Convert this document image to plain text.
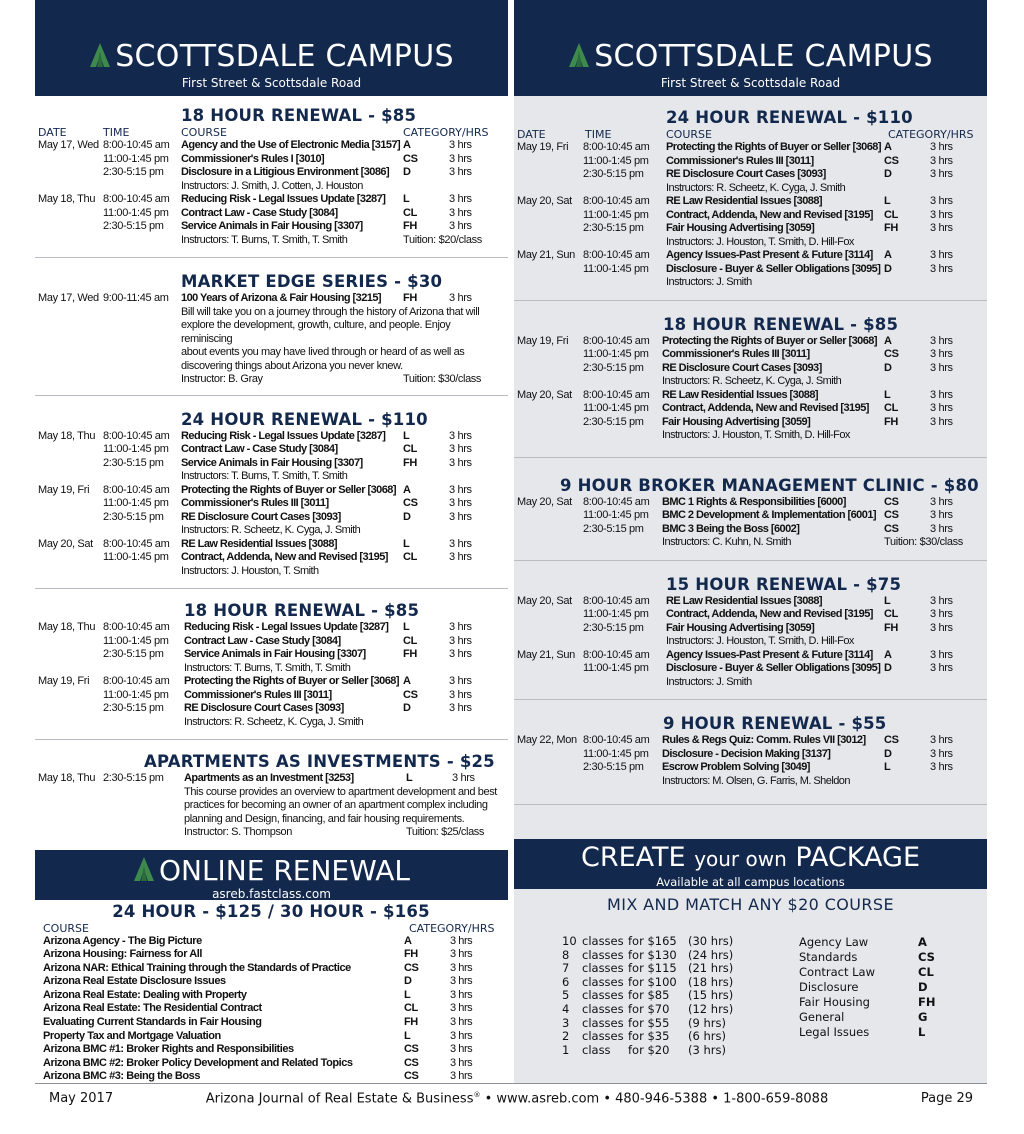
SCOTTSDALE CAMPUS
First Street & Scottsdale Road
18 HOUR RENEWAL - $85
DATE	TIME	COURSE	CATEGORY/HRS
May 17, Wed 8:00-10:45 am	Agency and the Use of Electronic Media [3157] A	3 hrs
11:00-1:45 pm	Commissioner's Rules I [3010]	CS	3 hrs
2:30-5:15 pm	Disclosure in a Litigious Environment [3086]	D	3 hrs
Instructors: J. Smith, J. Cotten, J. Houston
May 18, Thu 8:00-10:45 am	Reducing Risk - Legal Issues Update [3287]	L	3 hrs
11:00-1:45 pm	Contract Law - Case Study [3084]	CL	3 hrs
2:30-5:15 pm	Service Animals in Fair Housing [3307]	FH	3 hrs
Instructors: T. Burns, T. Smith, T. Smith	Tuition: $20/class
MARKET EDGE SERIES - $30
May 17, Wed 9:00-11:45 am	100 Years of Arizona & Fair Housing [3215]	FH	3 hrs
Bill will take you on a journey through the history of Arizona that will
explore the development, growth, culture, and people. Enjoy reminiscing
about events you may have lived through or heard of as well as
discovering things about Arizona you never knew.
Instructor: B. Gray	Tuition: $30/class
24 HOUR RENEWAL - $110
May 18, Thu 8:00-10:45 am	Reducing Risk - Legal Issues Update [3287]	L	3 hrs
11:00-1:45 pm	Contract Law - Case Study [3084]	CL	3 hrs
2:30-5:15 pm	Service Animals in Fair Housing [3307]	FH	3 hrs
Instructors: T. Burns, T. Smith, T. Smith
May 19, Fri	8:00-10:45 am	Protecting the Rights of Buyer or Seller [3068] A	3 hrs
11:00-1:45 pm	Commissioner's Rules III [3011]	CS	3 hrs
2:30-5:15 pm	RE Disclosure Court Cases [3093]	D	3 hrs
Instructors: R. Scheetz, K. Cyga, J. Smith
May 20, Sat 8:00-10:45 am	RE Law Residential Issues [3088]	L	3 hrs
11:00-1:45 pm	Contract, Addenda, New and Revised [3195]	CL	3 hrs
Instructors: J. Houston, T. Smith
18 HOUR RENEWAL - $85
May 18, Thu 8:00-10:45 am	Reducing Risk - Legal Issues Update [3287]	L	3 hrs
11:00-1:45 pm	Contract Law - Case Study [3084]	CL	3 hrs
2:30-5:15 pm	Service Animals in Fair Housing [3307]	FH	3 hrs
Instructors: T. Burns, T. Smith, T. Smith
May 19, Fri	8:00-10:45 am	Protecting the Rights of Buyer or Seller [3068] A	3 hrs
11:00-1:45 pm	Commissioner's Rules III [3011]	CS	3 hrs
2:30-5:15 pm	RE Disclosure Court Cases [3093]	D	3 hrs
Instructors: R. Scheetz, K. Cyga, J. Smith
APARTMENTS AS INVESTMENTS - $25
May 18, Thu 2:30-5:15 pm	Apartments as an Investment [3253]	L	3 hrs
This course provides an overview to apartment development and best
practices for becoming an owner of an apartment complex including
planning and Design, financing, and fair housing requirements.
Instructor: S. Thompson	Tuition: $25/class
ONLINE RENEWAL
asreb.fastclass.com
24 HOUR - $125 / 30 HOUR - $165
COURSE	CATEGORY/HRS
Arizona Agency - The Big Picture	A	3 hrs
Arizona Housing: Fairness for All	FH	3 hrs
Arizona NAR: Ethical Training through the Standards of Practice	CS	3 hrs
Arizona Real Estate Disclosure Issues	D	3 hrs
Arizona Real Estate: Dealing with Property	L	3 hrs
Arizona Real Estate: The Residential Contract	CL	3 hrs
Evaluating Current Standards in Fair Housing	FH	3 hrs
Property Tax and Mortgage Valuation	L	3 hrs
Arizona BMC #1: Broker Rights and Responsibilities	CS	3 hrs
Arizona BMC #2: Broker Policy Development and Related Topics	CS	3 hrs
Arizona BMC #3: Being the Boss	CS	3 hrs
SCOTTSDALE CAMPUS
First Street & Scottsdale Road
24 HOUR RENEWAL - $110
DATE	TIME	COURSE	CATEGORY/HRS
May 19, Fri	8:00-10:45 am	Protecting the Rights of Buyer or Seller [3068] A	3 hrs
11:00-1:45 pm	Commissioner's Rules III [3011]	CS	3 hrs
2:30-5:15 pm	RE Disclosure Court Cases [3093]	D	3 hrs
Instructors: R. Scheetz, K. Cyga, J. Smith
May 20, Sat	8:00-10:45 am	RE Law Residential Issues [3088]	L	3 hrs
11:00-1:45 pm	Contract, Addenda, New and Revised [3195]	CL	3 hrs
2:30-5:15 pm	Fair Housing Advertising [3059]	FH	3 hrs
Instructors: J. Houston, T. Smith, D. Hill-Fox
May 21, Sun 8:00-10:45 am	Agency Issues-Past Present & Future [3114]	A	3 hrs
11:00-1:45 pm	Disclosure - Buyer & Seller Obligations [3095] D	3 hrs
Instructors: J. Smith
18 HOUR RENEWAL - $85
May 19, Fri	8:00-10:45 am	Protecting the Rights of Buyer or Seller [3068] A	3 hrs
11:00-1:45 pm	Commissioner's Rules III [3011]	CS	3 hrs
2:30-5:15 pm	RE Disclosure Court Cases [3093]	D	3 hrs
Instructors: R. Scheetz, K. Cyga, J. Smith
May 20, Sat	8:00-10:45 am	RE Law Residential Issues [3088]	L	3 hrs
11:00-1:45 pm	Contract, Addenda, New and Revised [3195]	CL	3 hrs
2:30-5:15 pm	Fair Housing Advertising [3059]	FH	3 hrs
Instructors: J. Houston, T. Smith, D. Hill-Fox
9 HOUR BROKER MANAGEMENT CLINIC - $80
May 20, Sat	8:00-10:45 am	BMC 1 Rights & Responsibilities [6000]	CS	3 hrs
11:00-1:45 pm	BMC 2 Development & Implementation [6001] CS	3 hrs
2:30-5:15 pm	BMC 3 Being the Boss [6002]	CS	3 hrs
Instructors: C. Kuhn, N. Smith	Tuition: $30/class
15 HOUR RENEWAL - $75
May 20, Sat	8:00-10:45 am	RE Law Residential Issues [3088]	L	3 hrs
11:00-1:45 pm	Contract, Addenda, New and Revised [3195]	CL	3 hrs
2:30-5:15 pm	Fair Housing Advertising [3059]	FH	3 hrs
Instructors: J. Houston, T. Smith, D. Hill-Fox
May 21, Sun 8:00-10:45 am	Agency Issues-Past Present & Future [3114]	A	3 hrs
11:00-1:45 pm	Disclosure - Buyer & Seller Obligations [3095] D	3 hrs
Instructors: J. Smith
9 HOUR RENEWAL - $55
May 22, Mon 8:00-10:45 am	Rules & Regs Quiz: Comm. Rules VII [3012]	CS	3 hrs
11:00-1:45 pm	Disclosure - Decision Making [3137]	D	3 hrs
2:30-5:15 pm	Escrow Problem Solving [3049]	L	3 hrs
Instructors: M. Olsen, G. Farris, M. Sheldon
CREATE your own PACKAGE
Available at all campus locations
MIX AND MATCH ANY $20 COURSE
10 classes for $165 (30 hrs)
8	classes for $130 (24 hrs)
7	classes for $115 (21 hrs)
6	classes for $100 (18 hrs)
5	classes for $85	(15 hrs)
4	classes for $70	(12 hrs)
3	classes for $55	(9 hrs)
2	classes for $35	(6 hrs)
1	class	for $20	(3 hrs)
Agency Law	A
Standards	CS
Contract Law	CL
Disclosure	D
Fair Housing	FH
General	G
Legal Issues	L
May 2017	Arizona Journal of Real Estate & Business® • www.asreb.com • 480-946-5388 • 1-800-659-8088	Page 29
